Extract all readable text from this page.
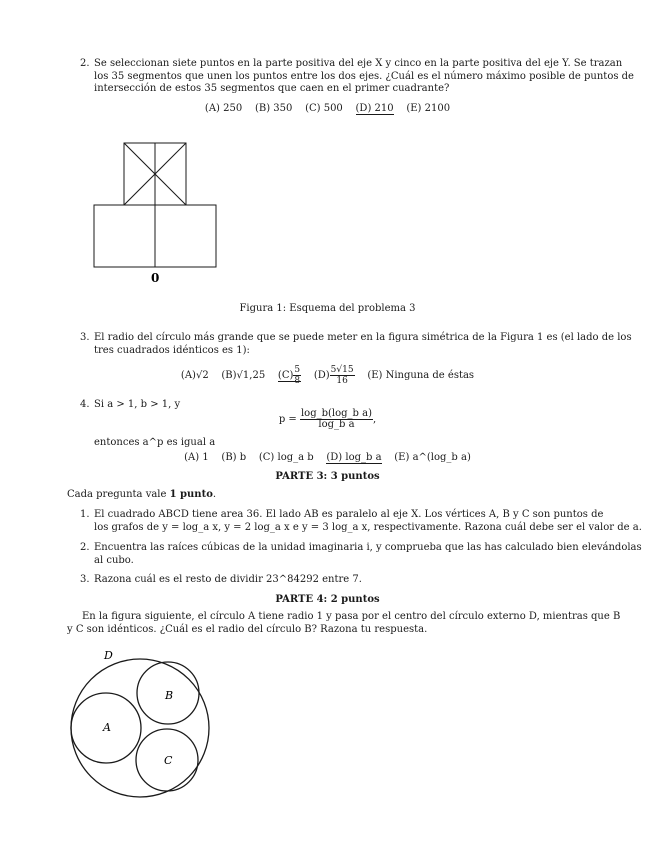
2. Se seleccionan siete puntos en la parte positiva del eje X y cinco en la parte positiva del eje Y. Se trazan
los 35 segmentos que unen los puntos entre los dos ejes. ¿Cuál es el número máximo posible de puntos de
intersección de estos 35 segmentos que caen en el primer cuadrante?
(A) 250 (B) 350 (C) 500 (D) 210 (E) 2100
0
Figura 1: Esquema del problema 3
3. El radio del círculo más grande que se puede meter en la figura simétrica de la Figura 1 es (el lado de los
tres cuadrados idénticos es 1):
(A)√2 (B)√1,25 $(C) \frac{5}{8} (D) \frac{5√15}{16} (E)$ Ninguna de éstas
4. Si a > 1, b > 1, y
$p = \frac{\text{log\_b(log\_b a)}}{\text{log\_b a}}$ ,
entonces a^p es igual a
(A) 1 (B) b (C) log_a b (D) log_b a (E) a^(log_b a)
PARTE 3: 3 puntos
Cada pregunta vale 1 punto.
1. El cuadrado ABCD tiene area 36. El lado AB es paralelo al eje X. Los vértices A, B y C son puntos de
los grafos de y = log_a x, y = 2 log_a x e y = 3 log_a x, respectivamente. Razona cuál debe ser el valor de a.
2. Encuentra las raíces cúbicas de la unidad imaginaria i, y comprueba que las has calculado bien elevándolas
al cubo.
3. Razona cuál es el resto de dividir 23^84292 entre 7.
PARTE 4: 2 puntos
En la figura siguiente, el círculo A tiene radio 1 y pasa por el centro del círculo externo D, mientras que B
y C son idénticos. ¿Cuál es el radio del círculo B? Razona tu respuesta.
D
A
B
C
